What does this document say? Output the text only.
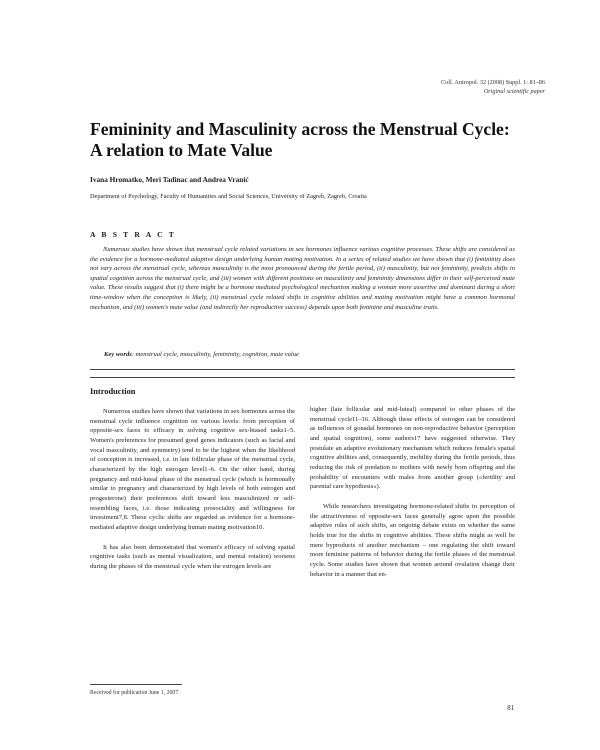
Coll. Antropol. 32 (2008) Suppl. 1: 81–86
Original scientific paper
Femininity and Masculinity across the Menstrual Cycle: A relation to Mate Value
Ivana Hromatko, Meri Tadinac and Andrea Vranić
Department of Psychology, Faculty of Humanities and Social Sciences, University of Zagreb, Zagreb, Croatia
A B S T R A C T
Numerous studies have shown that menstrual cycle related variations in sex hormones influence various cognitive processes. These shifts are considered as the evidence for a hormone-mediated adaptive design underlying human mating motivation. In a series of related studies we have shown that (i) femininity does not vary across the menstrual cycle, whereas masculinity is the most pronounced during the fertile period, (ii) masculinity, but not femininity, predicts shifts in spatial cognition across the menstrual cycle, and (iii) women with different positions on masculinity and femininity dimensions differ in their self-perceived mate value. These results suggest that (i) there might be a hormone mediated psychological mechanism making a woman more assertive and dominant during a short time-window when the conception is likely, (ii) menstrual cycle related shifts in cognitive abilities and mating motivation might have a common hormonal mechanism, and (iii) women's mate value (and indirectly her reproductive success) depends upon both feminine and masculine traits.
Key words: menstrual cycle, masculinity, femininity, cognition, mate value
Introduction

Numerous studies have shown that variations in sex hormones across the menstrual cycle influence cognition on various levels: from perception of opposite-sex faces to efficacy in solving cognitive sex-biased tasks1–5. Women's preferences for presumed good genes indicators (such as facial and vocal masculinity, and symmetry) tend to be the highest when the likelihood of conception is increased, i.e. in late follicular phase of the menstrual cycle, characterized by the high estrogen level1–6. On the other hand, during pregnancy and mid-luteal phase of the menstrual cycle (which is hormonally similar to pregnancy and characterized by high levels of both estrogen and progesterone) their preferences shift toward less masculinized or self-resembling faces, i.e. those indicating prosociality and willingness for investment7,8. These cyclic shifts are regarded as evidence for a hormone-mediated adaptive design underlying human mating motivation10.

It has also been demonstrated that women's efficacy of solving spatial cognitive tasks (such as mental visualization, and mental rotation) worsens during the phases of the menstrual cycle when the estrogen levels are

higher (late follicular and mid-luteal) compared to other phases of the menstrual cycle11–16. Although these effects of estrogen can be considered as influences of gonadal hormones on non-reproductive behavior (perception and spatial cognition), some authors17 have suggested otherwise. They postulate an adaptive evolutionary mechanism which reduces female's spatial cognitive abilities and, consequently, mobility during the fertile periods, thus reducing the risk of predation to mothers with newly born offspring and the probability of encounters with males from another group (»fertility and parental care hypothesis«).

While researchers investigating hormone-related shifts in perception of the attractiveness of opposite-sex faces generally agree upon the possible adaptive roles of such shifts, an ongoing debate exists on whether the same holds true for the shifts in cognitive abilities. These shifts might as well be mere byproducts of another mechanism – one regulating the shift toward more feminine patterns of behavior during the fertile phases of the menstrual cycle. Some studies have shown that women around ovulation change their behavior in a manner that en-

Received for publication June 1, 2007.
81
